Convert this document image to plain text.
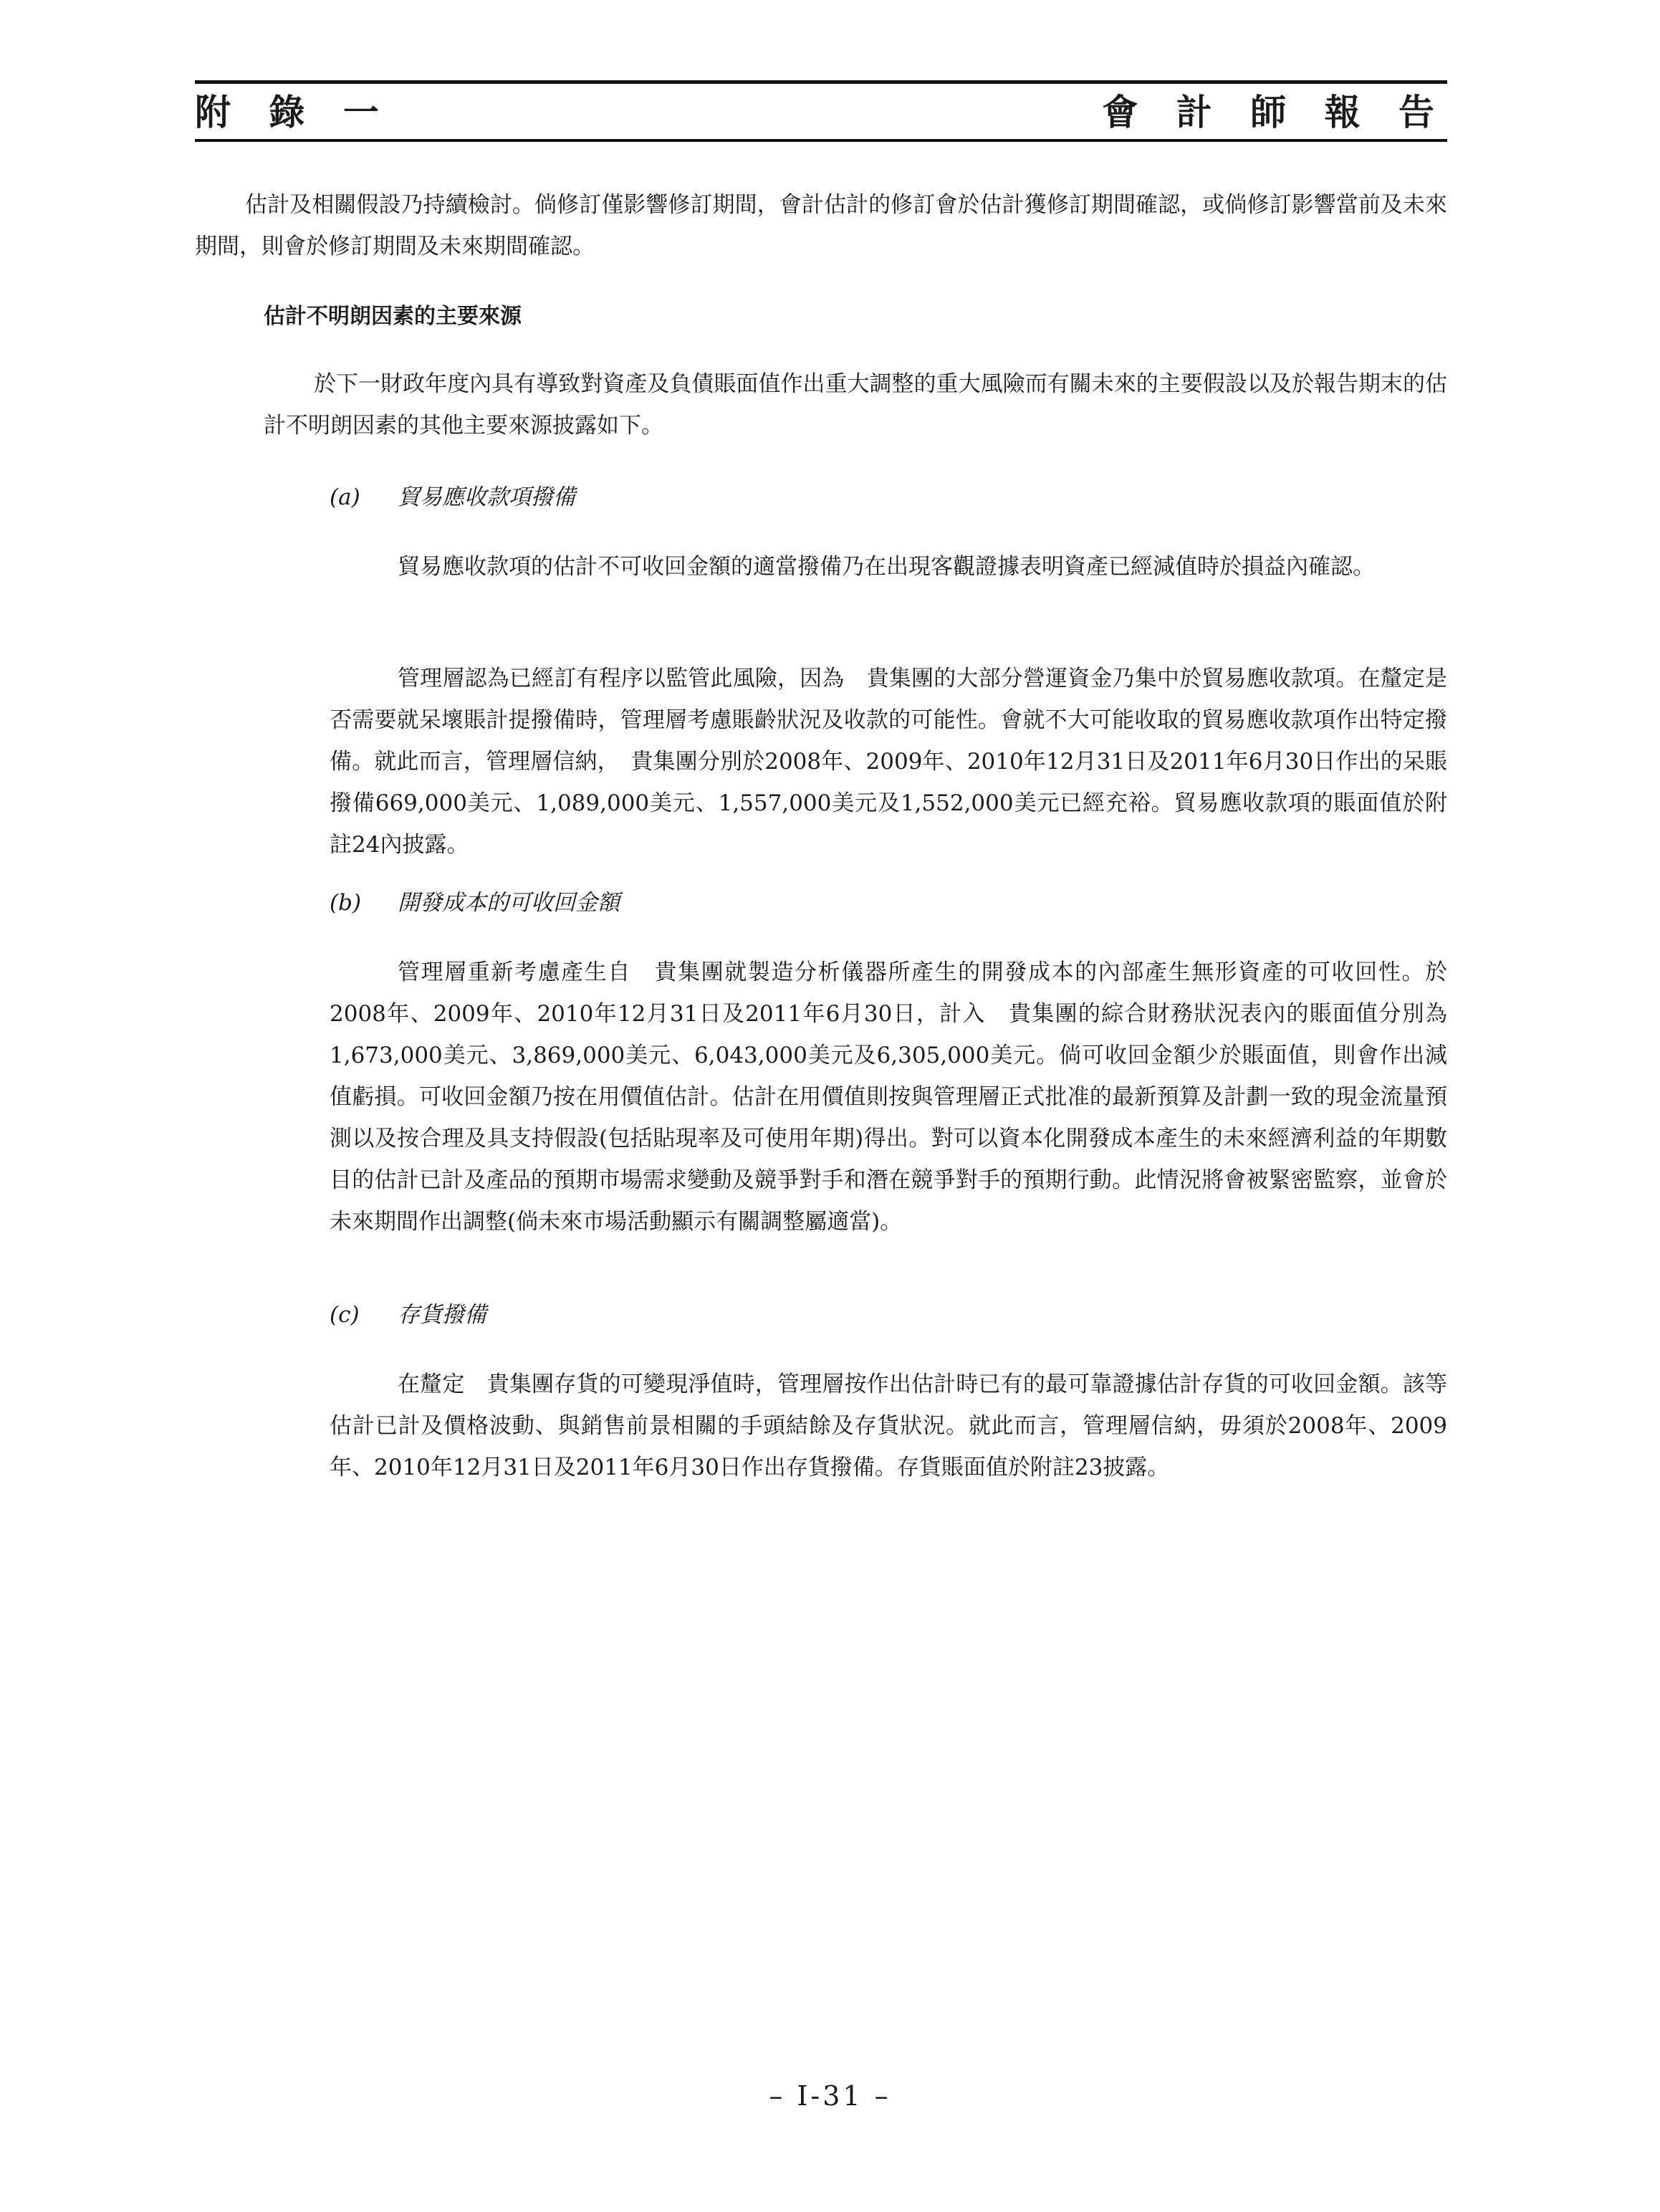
附 錄 一	會 計 師 報 告

估計及相關假設乃持續檢討。倘修訂僅影響修訂期間，會計估計的修訂會於估計獲修訂期間確認，或倘修訂影響當前及未來期間，則會於修訂期間及未來期間確認。

估計不明朗因素的主要來源

於下一財政年度內具有導致對資產及負債賬面值作出重大調整的重大風險而有關未來的主要假設以及於報告期末的估計不明朗因素的其他主要來源披露如下。

(a) 貿易應收款項撥備

貿易應收款項的估計不可收回金額的適當撥備乃在出現客觀證據表明資產已經減值時於損益內確認。

管理層認為已經訂有程序以監管此風險，因為　貴集團的大部分營運資金乃集中於貿易應收款項。在釐定是否需要就呆壞賬計提撥備時，管理層考慮賬齡狀況及收款的可能性。會就不大可能收取的貿易應收款項作出特定撥備。就此而言，管理層信納，　貴集團分別於2008年、2009年、2010年12月31日及2011年6月30日作出的呆賬撥備669,000美元、1,089,000美元、1,557,000美元及1,552,000美元已經充裕。貿易應收款項的賬面值於附註24內披露。

(b) 開發成本的可收回金額

管理層重新考慮產生自　貴集團就製造分析儀器所產生的開發成本的內部產生無形資產的可收回性。於2008年、2009年、2010年12月31日及2011年6月30日，計入　貴集團的綜合財務狀況表內的賬面值分別為1,673,000美元、3,869,000美元、6,043,000美元及6,305,000美元。倘可收回金額少於賬面值，則會作出減值虧損。可收回金額乃按在用價值估計。估計在用價值則按與管理層正式批准的最新預算及計劃一致的現金流量預測以及按合理及具支持假設(包括貼現率及可使用年期)得出。對可以資本化開發成本產生的未來經濟利益的年期數目的估計已計及產品的預期市場需求變動及競爭對手和潛在競爭對手的預期行動。此情況將會被緊密監察，並會於未來期間作出調整(倘未來市場活動顯示有關調整屬適當)。

(c) 存貨撥備

在釐定　貴集團存貨的可變現淨值時，管理層按作出估計時已有的最可靠證據估計存貨的可收回金額。該等估計已計及價格波動、與銷售前景相關的手頭結餘及存貨狀況。就此而言，管理層信納，毋須於2008年、2009年、2010年12月31日及2011年6月30日作出存貨撥備。存貨賬面值於附註23披露。

– I-31 –
